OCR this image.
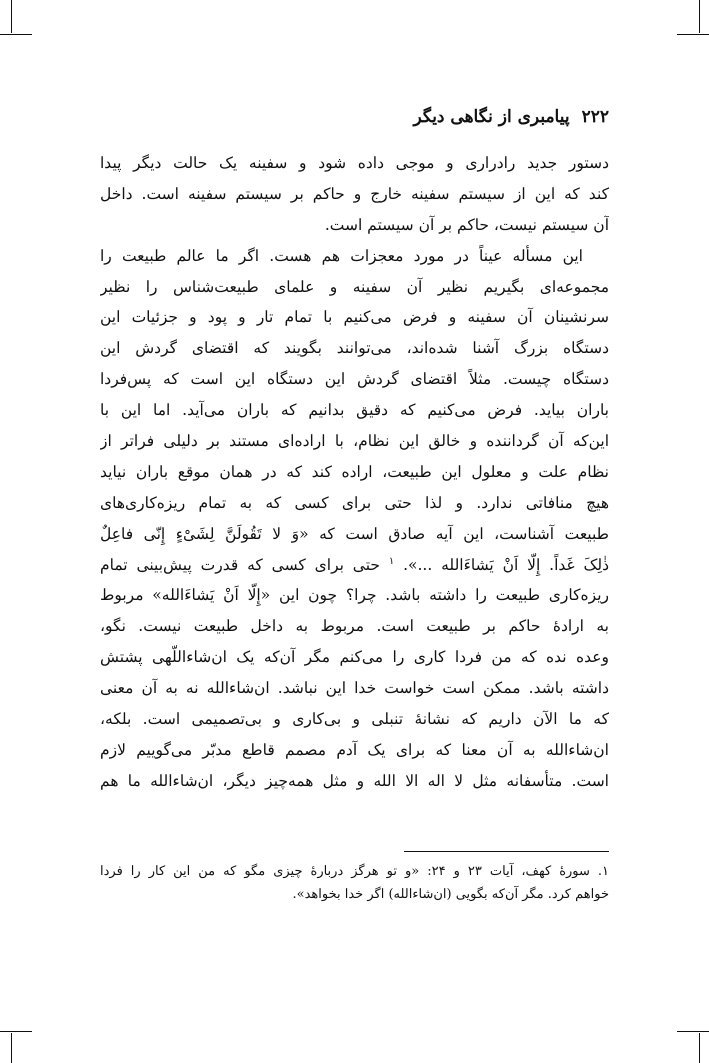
۲۲۲
پیامبری از نگاهی دیگر

دستور جدید رادراری و موجی داده شود و سفینه یک حالت دیگر پیدا
کند که این از سیستم سفینه خارج و حاکم بر سیستم سفینه است. داخل
آن سیستم نیست، حاکم بر آن سیستم است.

این مسأله عیناً در مورد معجزات هم هست. اگر ما عالم طبیعت را
مجموعه‌ای بگیریم نظیر آن سفینه و علمای طبیعت‌شناس را نظیر
سرنشینان آن سفینه و فرض می‌کنیم با تمام تار و پود و جزئیات این
دستگاه بزرگ آشنا شده‌اند، می‌توانند بگویند که اقتضای گردش این
دستگاه چیست. مثلاً اقتضای گردش این دستگاه این است که پس‌فردا
باران بیاید. فرض می‌کنیم که دقیق بدانیم که باران می‌آید. اما این با
این‌که آن گرداننده و خالق این نظام، با اراده‌ای مستند بر دلیلی فراتر از
نظام علت و معلول این طبیعت، اراده کند که در همان موقع باران نیاید
هیچ منافاتی ندارد. و لذا حتی برای کسی که به تمام ریزه‌کاری‌های
طبیعت آشناست، این آیه صادق است که «وَ لا تَقُولَنَّ لِشَیْءٍ إِنّی فاعِلٌ
ذٰلِکَ غَداً. إِلّا اَنْ یَشاءَالله ...». $^۱$ حتی برای کسی که قدرت پیش‌بینی تمام
ریزه‌کاری طبیعت را داشته باشد. چرا؟ چون این «إِلّا اَنْ یَشاءَالله» مربوط
به اراده‌ٔ حاکم بر طبیعت است. مربوط به داخل طبیعت نیست. نگو،
وعده نده که من فردا کاری را می‌کنم مگر آن‌که یک ان‌شاءاللّهی پشتش
داشته باشد. ممکن است خواست خدا این نباشد. ان‌شاءالله نه به آن معنی
که ما الآن داریم که نشانهٔ تنبلی و بی‌کاری و بی‌تصمیمی است. بلکه،
ان‌شاءالله به آن معنا که برای یک آدم مصمم قاطع مدبّر می‌گوییم لازم
است. متأسفانه مثل لا اله الا الله و مثل همه‌چیز دیگر، ان‌شاءالله ما هم

۱. سورهٔ کهف، آیات ۲۳ و ۲۴: «و تو هرگز دربارهٔ چیزی مگو که من این کار را فردا
خواهم کرد. مگر آن‌که بگویی (ان‌شاءالله) اگر خدا بخواهد».
